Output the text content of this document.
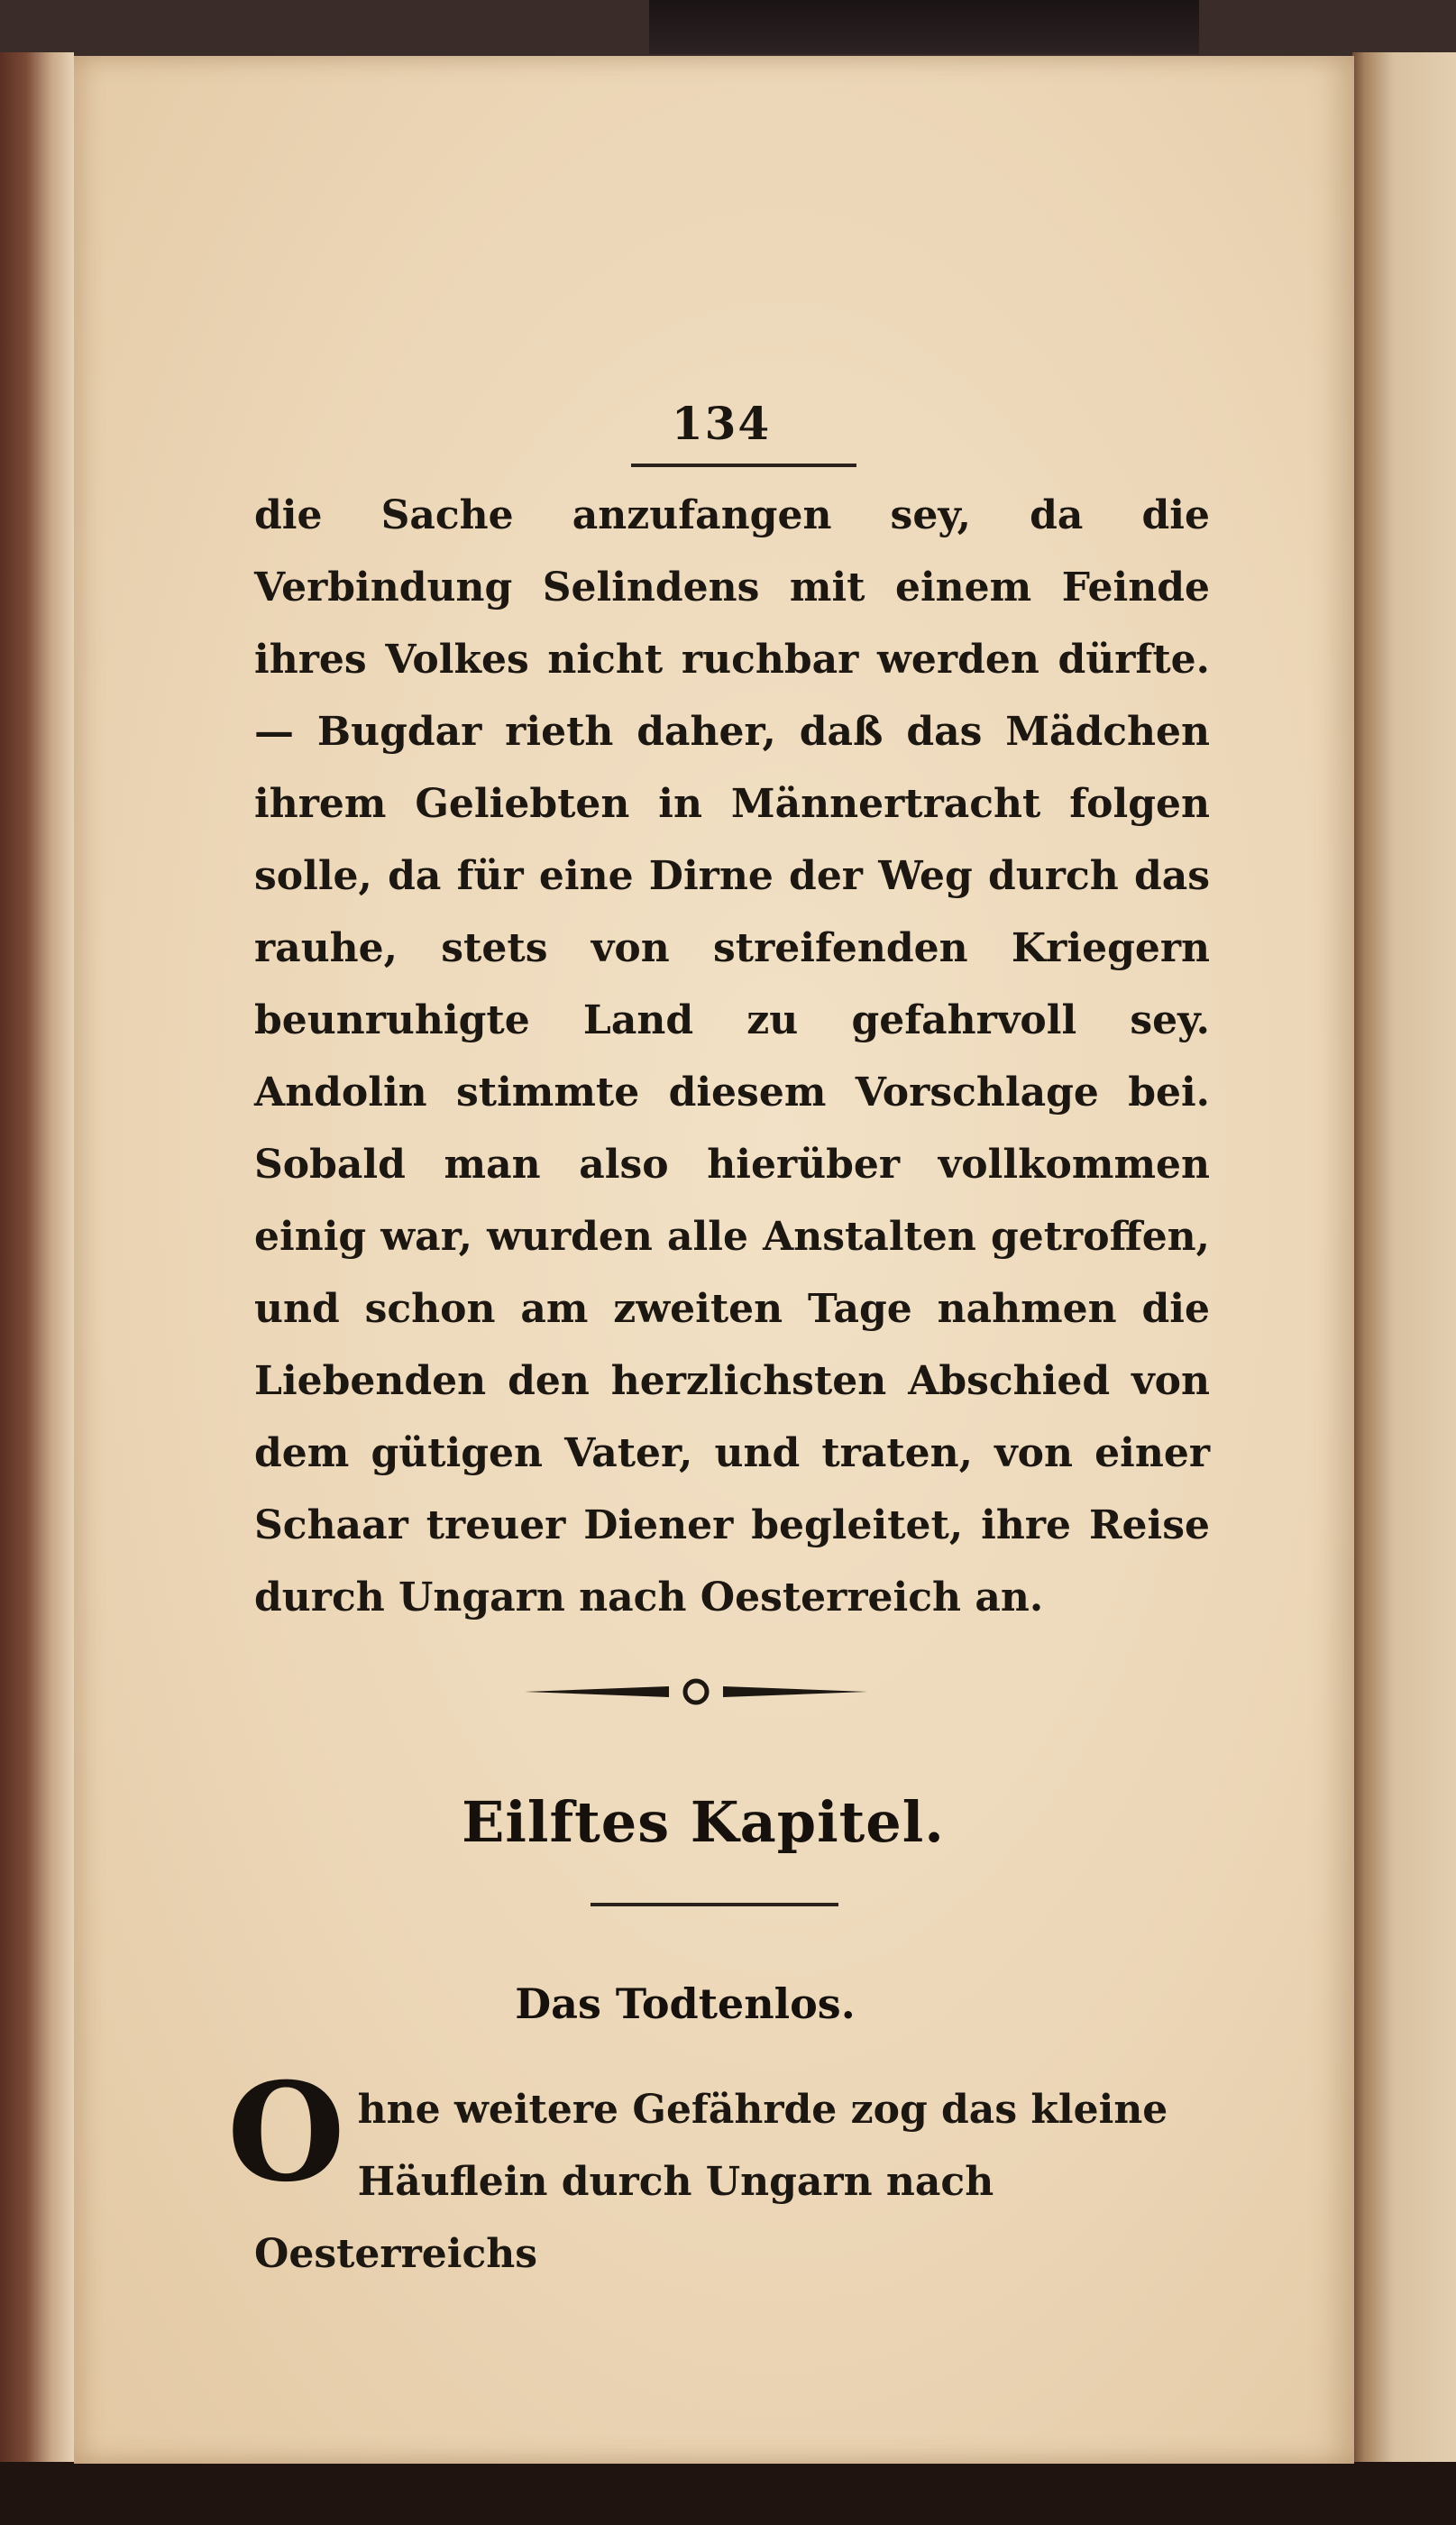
134

die Sache anzufangen sey, da die Verbindung Selindens mit einem Feinde ihres Volkes nicht ruchbar werden dürfte. — Bugdar rieth daher, daß das Mädchen ihrem Geliebten in Männertracht folgen solle, da für eine Dirne der Weg durch das rauhe, stets von streifenden Kriegern beunruhigte Land zu gefahrvoll sey. Andolin stimmte diesem Vorschlage bei. Sobald man also hierüber vollkommen einig war, wurden alle Anstalten getroffen, und schon am zweiten Tage nahmen die Liebenden den herzlichsten Abschied von dem gütigen Vater, und traten, von einer Schaar treuer Diener begleitet, ihre Reise durch Ungarn nach Oesterreich an.

Eilftes Kapitel.
Das Todtenlos.

Ohne weitere Gefährde zog das kleine Häuflein durch Ungarn nach Oesterreichs
